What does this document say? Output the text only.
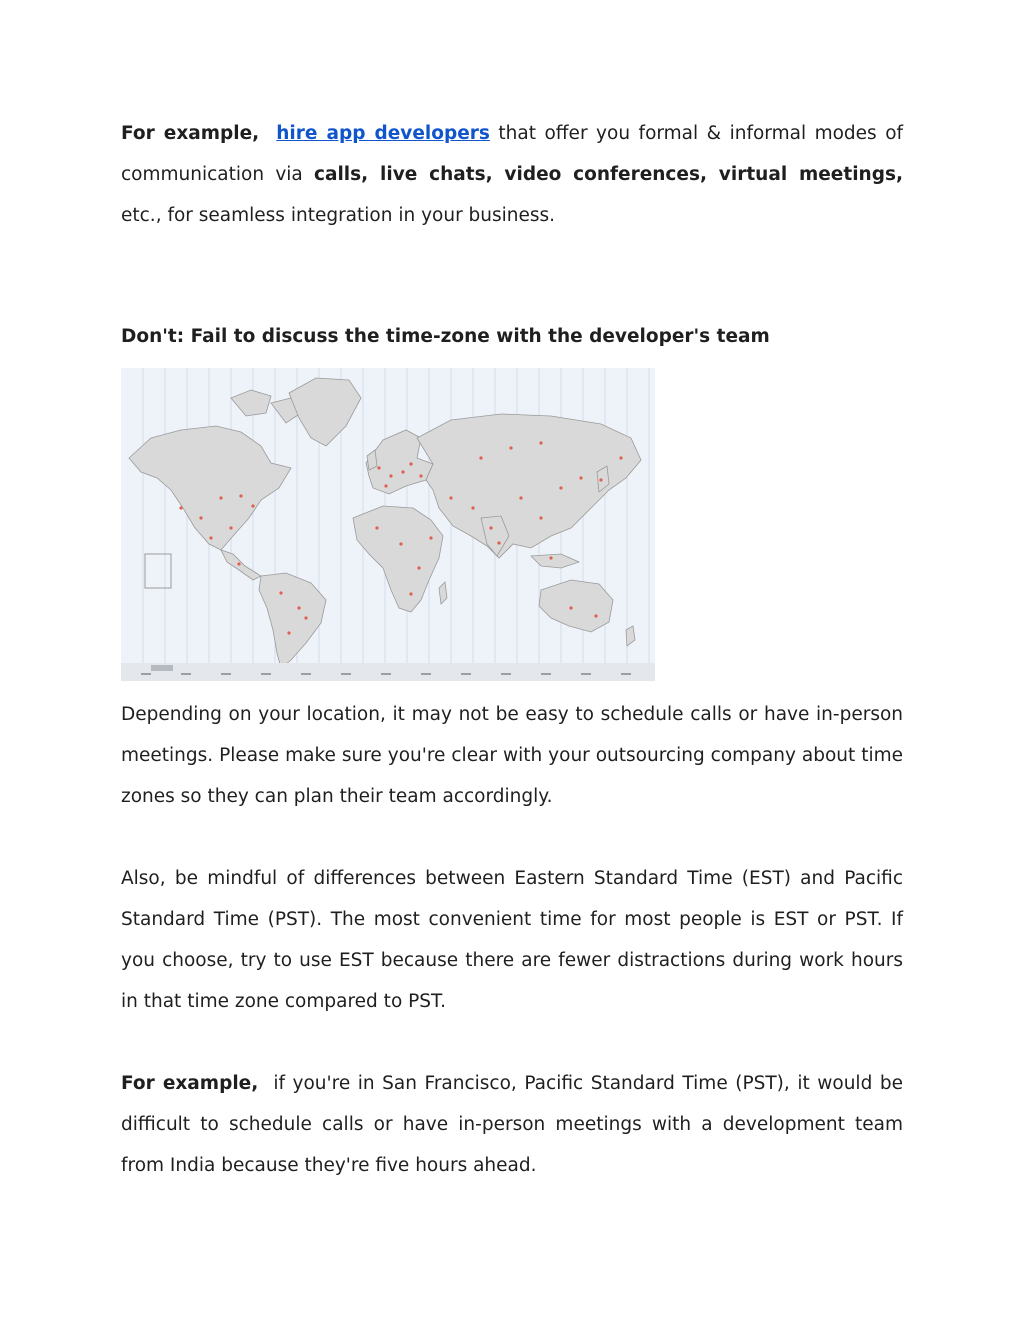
For example, hire app developers that offer you formal & informal modes of communication via calls, live chats, video conferences, virtual meetings, etc., for seamless integration in your business.

Don't: Fail to discuss the time-zone with the developer's team

Depending on your location, it may not be easy to schedule calls or have in-person meetings. Please make sure you're clear with your outsourcing company about time zones so they can plan their team accordingly.

Also, be mindful of differences between Eastern Standard Time (EST) and Pacific Standard Time (PST). The most convenient time for most people is EST or PST. If you choose, try to use EST because there are fewer distractions during work hours in that time zone compared to PST.

For example,  if you're in San Francisco, Pacific Standard Time (PST), it would be difficult to schedule calls or have in-person meetings with a development team from India because they're five hours ahead.
